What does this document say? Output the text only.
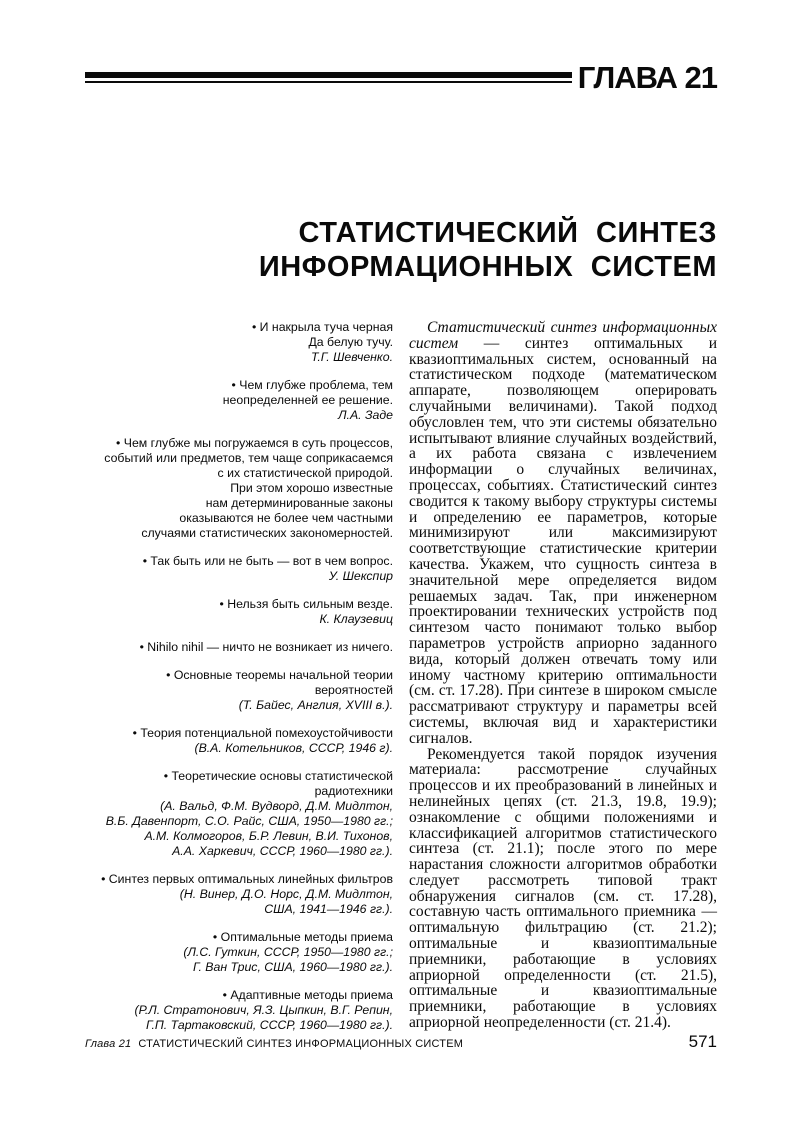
ГЛАВА 21
СТАТИСТИЧЕСКИЙ СИНТЕЗ
ИНФОРМАЦИОННЫХ СИСТЕМ
• И накрыла туча черная
Да белую тучу.
Т.Г. Шевченко.
• Чем глубже проблема, тем
неопределенней ее решение.
Л.А. Заде
• Чем глубже мы погружаемся в суть процессов,
событий или предметов, тем чаще соприкасаемся
с их статистической природой.
При этом хорошо известные
нам детерминированные законы
оказываются не более чем частными
случаями статистических закономерностей.
• Так быть или не быть — вот в чем вопрос.
У. Шекспир
• Нельзя быть сильным везде.
К. Клаузевиц
• Nihilo nihil — ничто не возникает из ничего.
• Основные теоремы начальной теории вероятностей
(Т. Байес, Англия, XVIII в.).
• Теория потенциальной помехоустойчивости
(В.А. Котельников, СССР, 1946 г).
• Теоретические основы статистической радиотехники
(А. Вальд, Ф.М. Вудворд, Д.М. Мидлтон,
В.Б. Давенпорт, С.О. Райс, США, 1950—1980 гг.;
А.М. Колмогоров, Б.Р. Левин, В.И. Тихонов,
А.А. Харкевич, СССР, 1960—1980 гг.).
• Синтез первых оптимальных линейных фильтров
(Н. Винер, Д.О. Норс, Д.М. Мидлтон,
США, 1941—1946 гг.).
• Оптимальные методы приема
(Л.С. Гуткин, СССР, 1950—1980 гг.;
Г. Ван Трис, США, 1960—1980 гг.).
• Адаптивные методы приема
(Р.Л. Стратонович, Я.З. Цыпкин, В.Г. Репин,
Г.П. Тартаковский, СССР, 1960—1980 гг.).

Статистический синтез информационных систем — синтез оптимальных и квазиоптимальных систем, основанный на статистическом подходе (математическом аппарате, позволяющем оперировать случайными величинами). Такой подход обусловлен тем, что эти системы обязательно испытывают влияние случайных воздействий, а их работа связана с извлечением информации о случайных величинах, процессах, событиях. Статистический синтез сводится к такому выбору структуры системы и определению ее параметров, которые минимизируют или максимизируют соответствующие статистические критерии качества. Укажем, что сущность синтеза в значительной мере определяется видом решаемых задач. Так, при инженерном проектировании технических устройств под синтезом часто понимают только выбор параметров устройств априорно заданного вида, который должен отвечать тому или иному частному критерию оптимальности (см. ст. 17.28). При синтезе в широком смысле рассматривают структуру и параметры всей системы, включая вид и характеристики сигналов.

Рекомендуется такой порядок изучения материала: рассмотрение случайных процессов и их преобразований в линейных и нелинейных цепях (ст. 21.3, 19.8, 19.9); ознакомление с общими положениями и классификацией алгоритмов статистического синтеза (ст. 21.1); после этого по мере нарастания сложности алгоритмов обработки следует рассмотреть типовой тракт обнаружения сигналов (см. ст. 17.28), составную часть оптимального приемника — оптимальную фильтрацию (ст. 21.2); оптимальные и квазиоптимальные приемники, работающие в условиях априорной определенности (ст. 21.5), оптимальные и квазиоптимальные приемники, работающие в условиях априорной неопределенности (ст. 21.4).

Глава 21 СТАТИСТИЧЕСКИЙ СИНТЕЗ ИНФОРМАЦИОННЫХ СИСТЕМ	571
